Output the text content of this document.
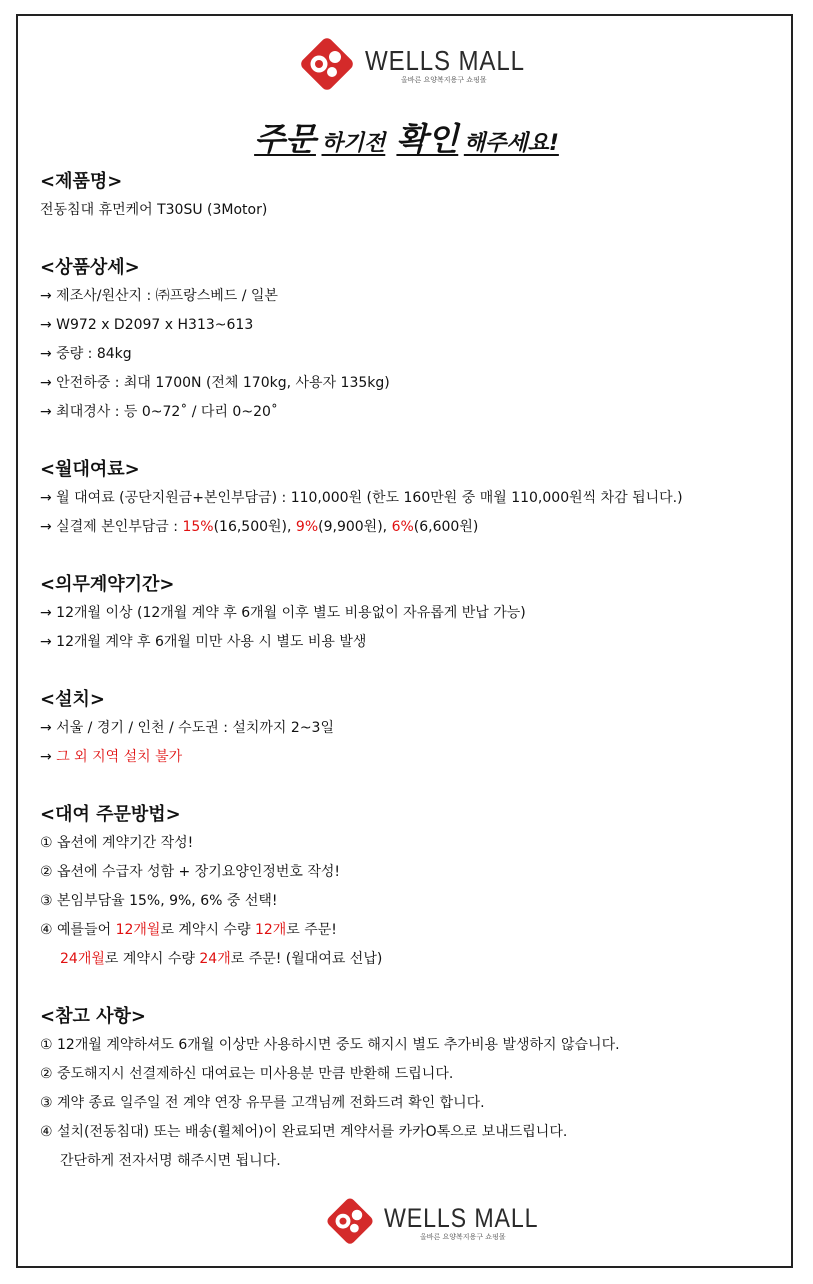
WELLS MALL
올바른 요양복지용구 쇼핑몰
주문 하기전 확인 해주세요!
<제품명>
전동침대 휴먼케어 T30SU (3Motor)
<상품상세>
→ 제조사/원산지 : ㈜프랑스베드 / 일본
→ W972 x D2097 x H313~613
→ 중량 : 84kg
→ 안전하중 : 최대 1700N (전체 170kg, 사용자 135kg)
→ 최대경사 : 등 0~72˚ / 다리 0~20˚
<월대여료>
→ 월 대여료 (공단지원금+본인부담금) : 110,000원 (한도 160만원 중 매월 110,000원씩 차감 됩니다.)
→ 실결제 본인부담금 : 15%(16,500원), 9%(9,900원), 6%(6,600원)
<의무계약기간>
→ 12개월 이상 (12개월 계약 후 6개월 이후 별도 비용없이 자유롭게 반납 가능)
→ 12개월 계약 후 6개월 미만 사용 시 별도 비용 발생
<설치>
→ 서울 / 경기 / 인천 / 수도권 : 설치까지 2~3일
→ 그 외 지역 설치 불가
<대여 주문방법>
① 옵션에 계약기간 작성!
② 옵션에 수급자 성함 + 장기요양인정번호 작성!
③ 본임부담율 15%, 9%, 6% 중 선택!
④ 예를들어 12개월로 계약시 수량 12개로 주문!
24개월로 계약시 수량 24개로 주문! (월대여료 선납)
<참고 사항>
① 12개월 계약하셔도 6개월 이상만 사용하시면 중도 해지시 별도 추가비용 발생하지 않습니다.
② 중도해지시 선결제하신 대여료는 미사용분 만큼 반환해 드립니다.
③ 계약 종료 일주일 전 계약 연장 유무를 고객님께 전화드려 확인 합니다.
④ 설치(전동침대) 또는 배송(휠체어)이 완료되면 계약서를 카카O톡으로 보내드립니다.
간단하게 전자서명 해주시면 됩니다.
WELLS MALL
올바른 요양복지용구 쇼핑몰
